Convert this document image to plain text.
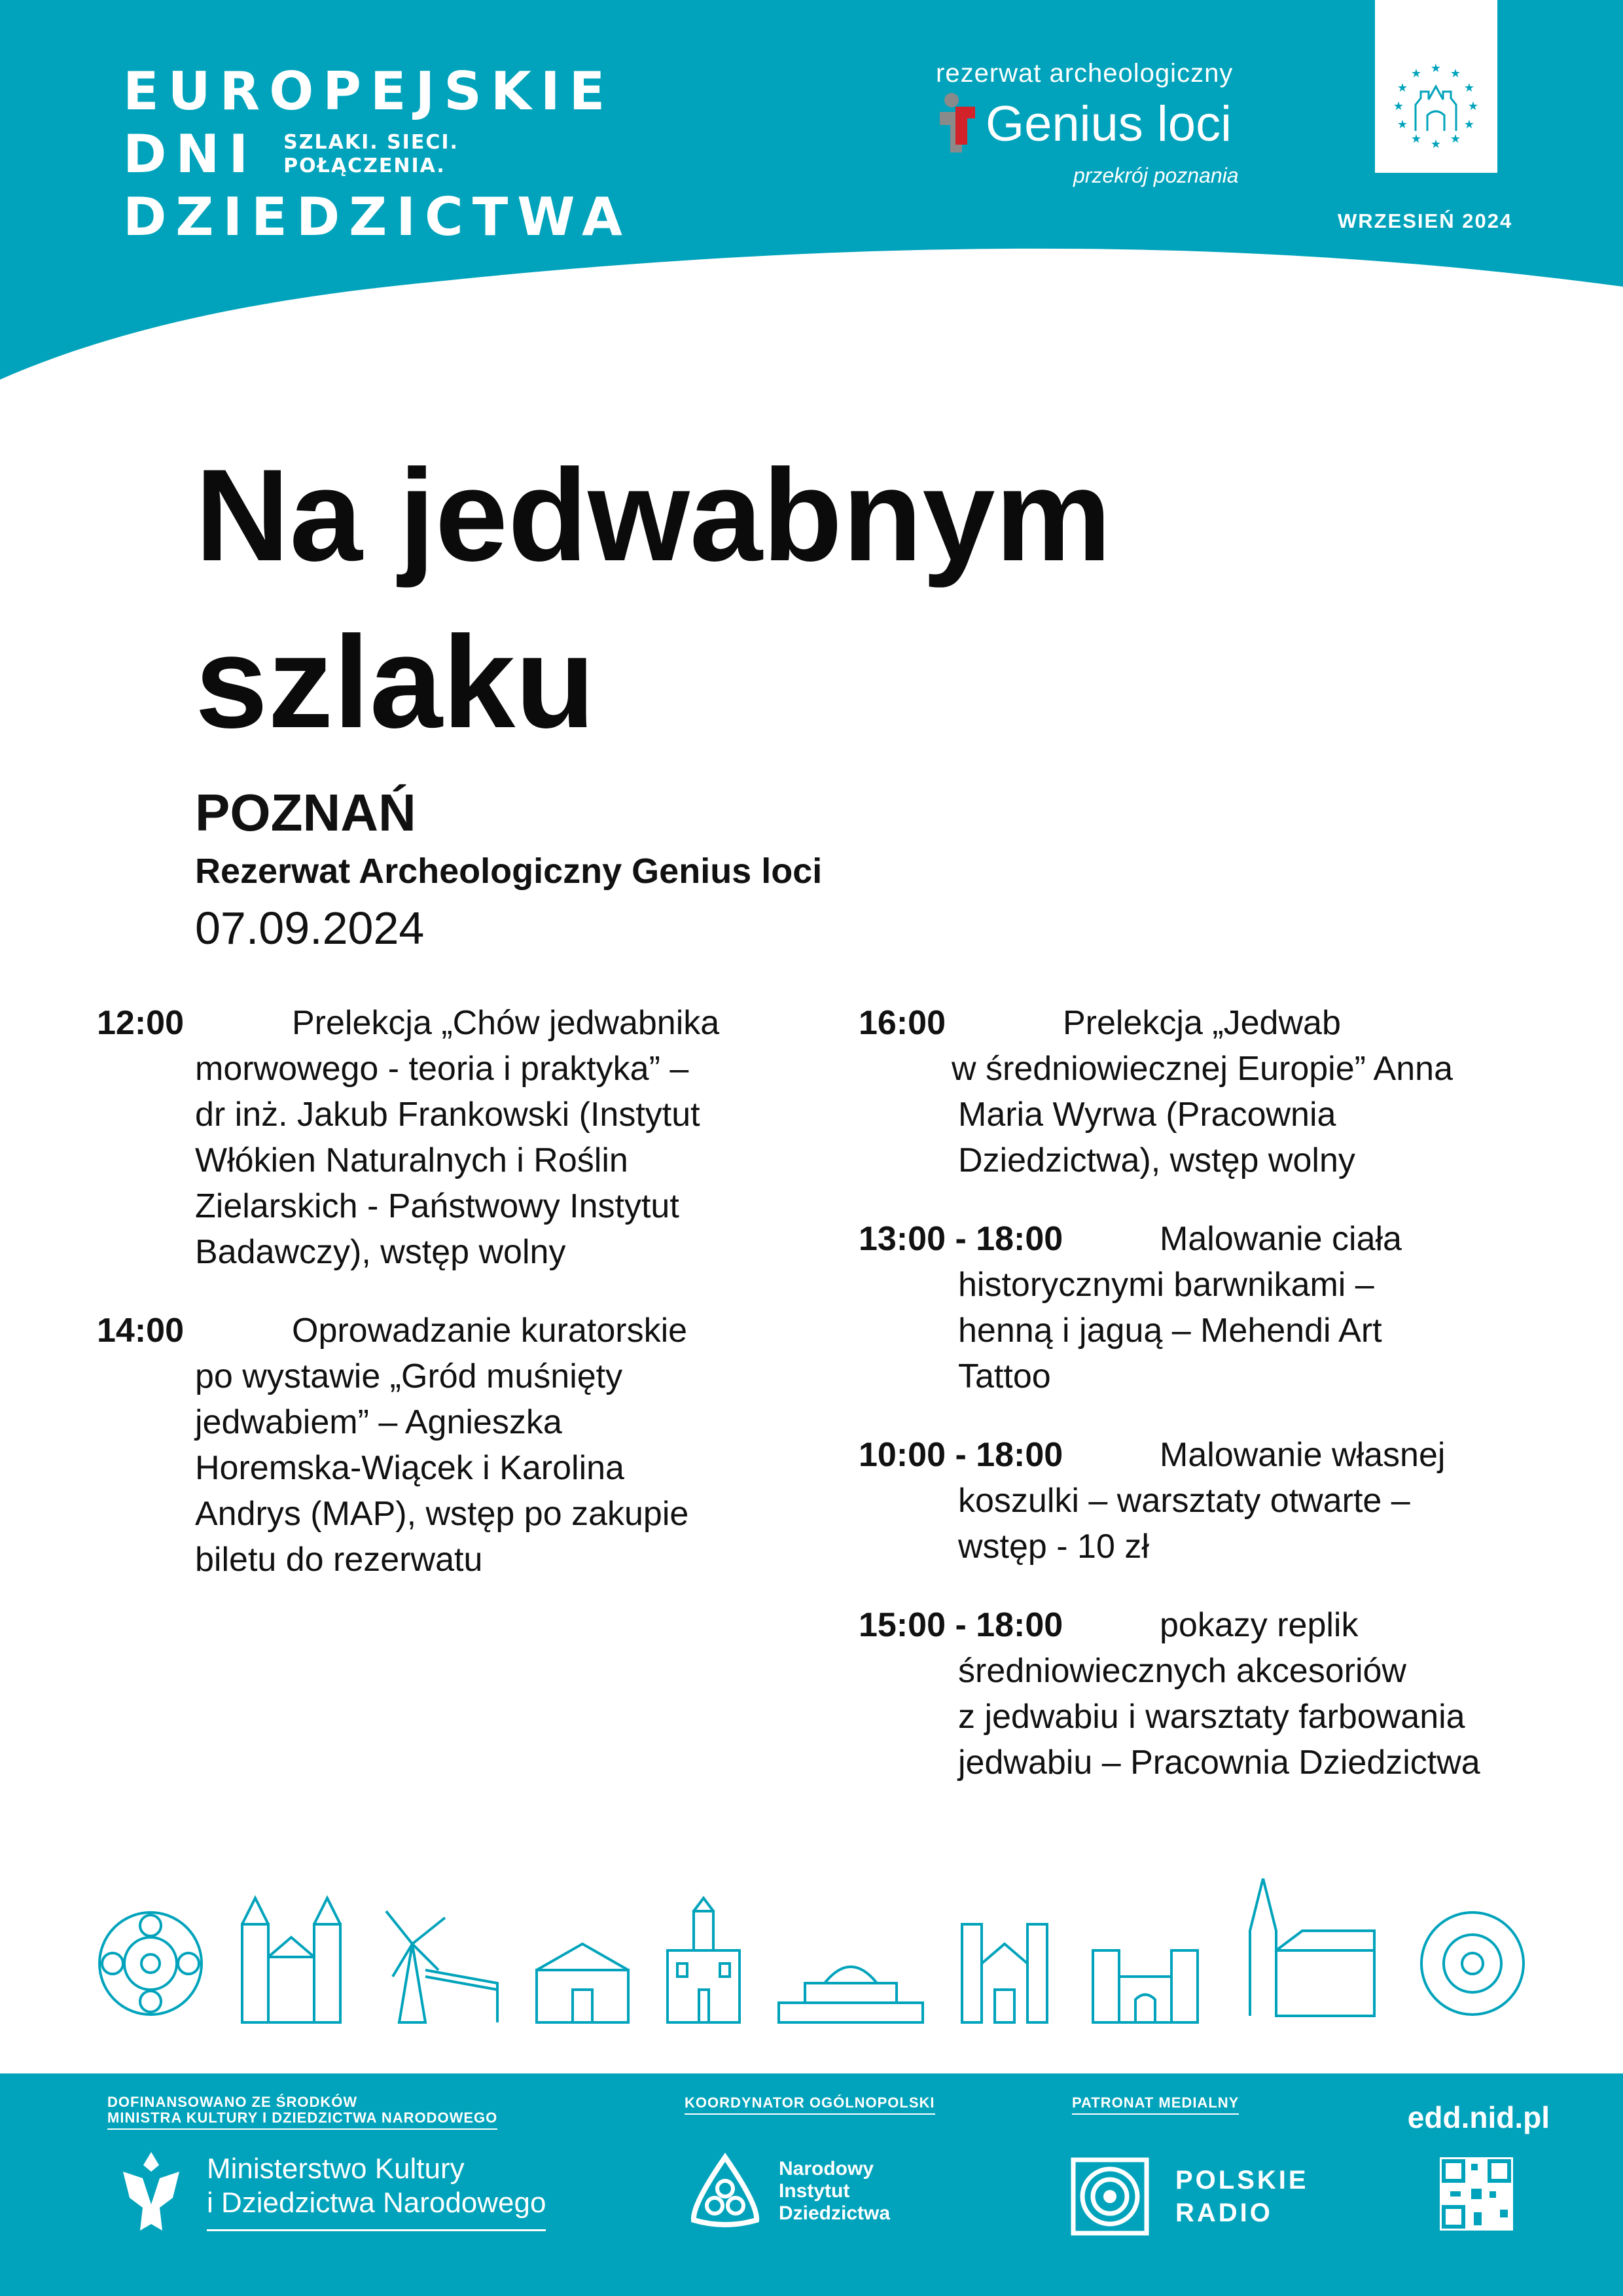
EUROPEJSKIE
DNI SZLAKI. SIECI.
POŁĄCZENIA.
DZIEDZICTWA
rezerwat archeologiczny
Genius loci
przekrój poznania
★ ★
★
★
★
★
★
★
★
★
★
★
WRZESIEŃ 2024
Na jedwabnym
szlaku
POZNAŃ
Rezerwat Archeologiczny Genius loci
07.09.2024
12:00	Prelekcja „Chów jedwabnika
morwowego - teoria i praktyka” –
dr inż. Jakub Frankowski (Instytut
Włókien Naturalnych i Roślin
Zielarskich - Państwowy Instytut
Badawczy), wstęp wolny
14:00	Oprowadzanie kuratorskie
po wystawie „Gród muśnięty
jedwabiem” – Agnieszka
Horemska-Wiącek i Karolina
Andrys (MAP), wstęp po zakupie
biletu do rezerwatu
16:00	Prelekcja „Jedwab
w średniowiecznej Europie” Anna
Maria Wyrwa (Pracownia
Dziedzictwa), wstęp wolny
13:00 - 18:00	Malowanie ciała
historycznymi barwnikami –
henną i jaguą – Mehendi Art
Tattoo
10:00 - 18:00	Malowanie własnej
koszulki – warsztaty otwarte –
wstęp - 10 zł
15:00 - 18:00	pokazy replik
średniowiecznych akcesoriów
z jedwabiu i warsztaty farbowania
jedwabiu – Pracownia Dziedzictwa
DOFINANSOWANO ZE ŚRODKÓW
MINISTRA KULTURY I DZIEDZICTWA NARODOWEGO
Ministerstwo Kultury
i Dziedzictwa Narodowego
KOORDYNATOR OGÓLNOPOLSKI
Narodowy
Instytut
Dziedzictwa
PATRONAT MEDIALNY
POLSKIE
RADIO
edd.nid.pl
